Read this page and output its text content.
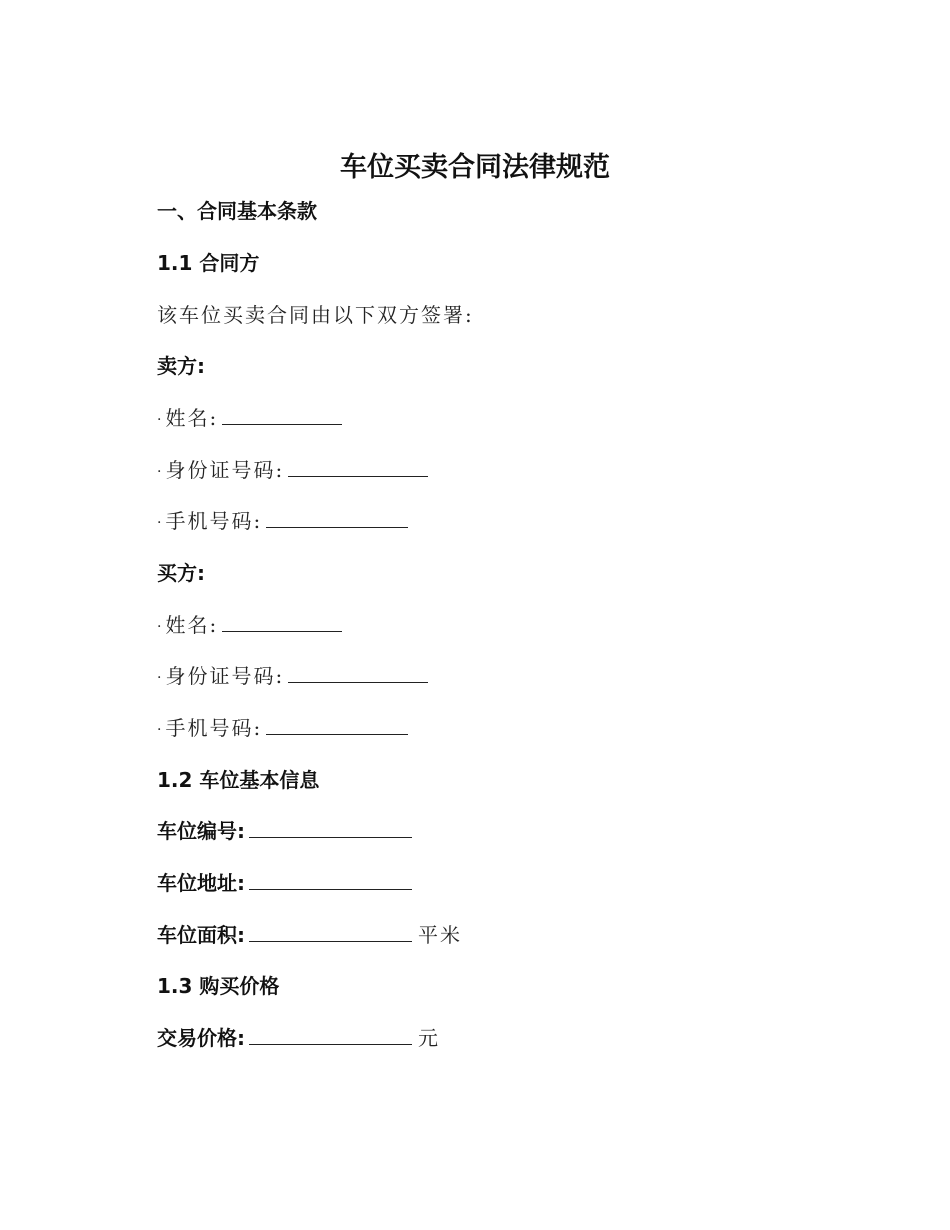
车位买卖合同法律规范
一、合同基本条款
1.1 合同方
该车位买卖合同由以下双方签署:
卖方:
· 姓名:
· 身份证号码:
· 手机号码:
买方:
· 姓名:
· 身份证号码:
· 手机号码:
1.2 车位基本信息
车位编号:
车位地址:
车位面积:	平米
1.3 购买价格
交易价格:	元
